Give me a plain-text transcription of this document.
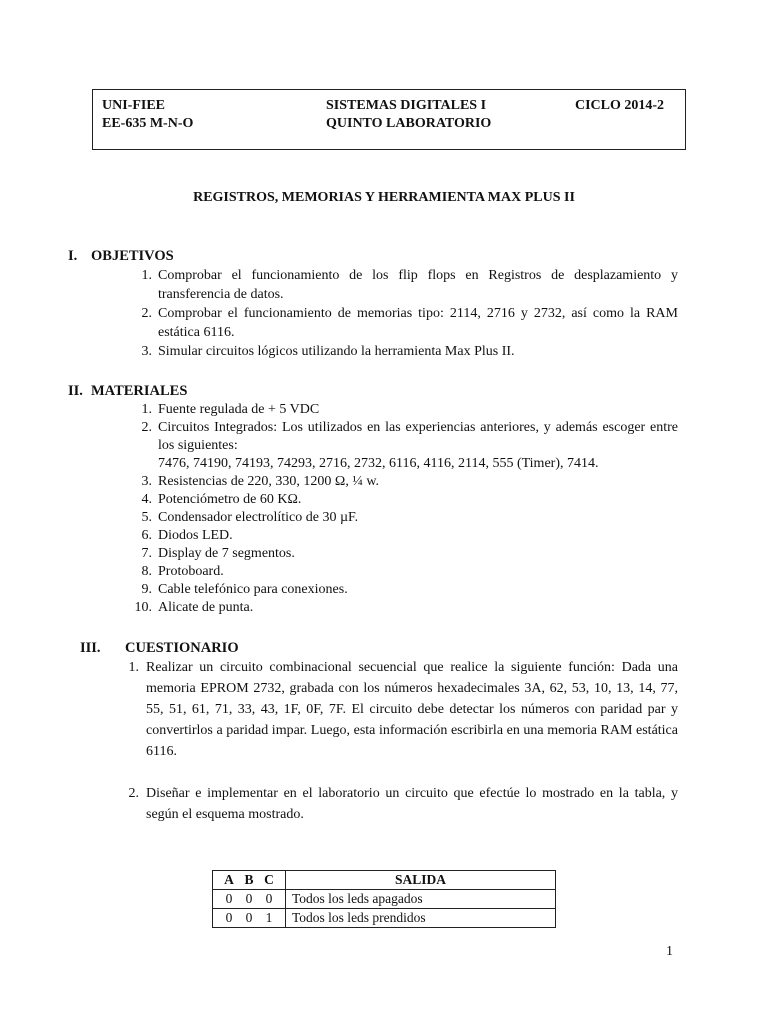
UNI-FIEE
EE-635 M-N-O
SISTEMAS DIGITALES I
QUINTO LABORATORIO
CICLO 2014-2
REGISTROS, MEMORIAS Y HERRAMIENTA MAX PLUS II
I. OBJETIVOS
1. Comprobar el funcionamiento de los flip flops en Registros de desplazamiento y transferencia de datos.
2. Comprobar el funcionamiento de memorias tipo: 2114, 2716 y 2732, así como la RAM estática 6116.
3. Simular circuitos lógicos utilizando la herramienta Max Plus II.
II. MATERIALES
1. Fuente regulada de + 5 VDC
2. Circuitos Integrados: Los utilizados en las experiencias anteriores, y además escoger entre los siguientes:
7476, 74190, 74193, 74293, 2716, 2732, 6116, 4116, 2114, 555 (Timer), 7414.
3. Resistencias de 220, 330, 1200 Ω, ¼ w.
4. Potenciómetro de 60 KΩ.
5. Condensador electrolítico de 30 µF.
6. Diodos LED.
7. Display de 7 segmentos.
8. Protoboard.
9. Cable telefónico para conexiones.
10. Alicate de punta.
III. CUESTIONARIO
1. Realizar un circuito combinacional secuencial que realice la siguiente función: Dada una memoria EPROM 2732, grabada con los números hexadecimales 3A, 62, 53, 10, 13, 14, 77, 55, 51, 61, 71, 33, 43, 1F, 0F, 7F. El circuito debe detectar los números con paridad par y convertirlos a paridad impar. Luego, esta información escribirla en una memoria RAM estática 6116.
2. Diseñar e implementar en el laboratorio un circuito que efectúe lo mostrado en la tabla, y según el esquema mostrado.
A B C	SALIDA

0 0 0	Todos los leds apagados

0 0 1	Todos los leds prendidos
1
